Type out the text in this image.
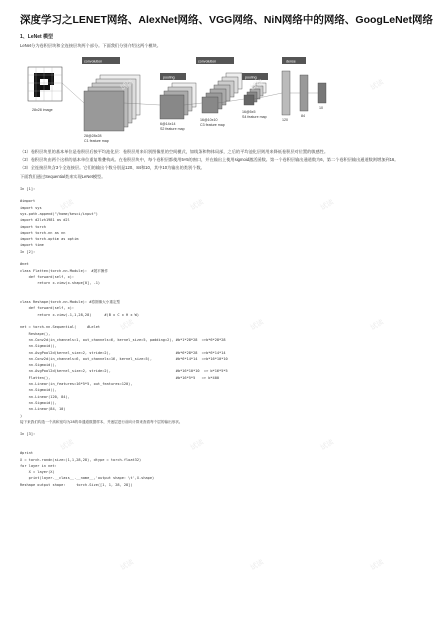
深度学习之LENET网络、AlexNet网络、VGG网络、NiN网络中的网络、GoogLeNet网络
1、LeNet 模型
LeNet分为卷积层块和全连接层块两个部分。下面我们分别介绍这两个模块。
28x28 image
convolution
28@28x28
C1 feature map
pooling
6@14x14
S2 feature map
convolution
16@10x10
C3 feature map
pooling
16@5x5
S4 feature map
120
84
10
dense
（1）卷积层块里的基本单位是卷积层后接平均池化层：卷积层用来识别图像里的空间模式，如线条和物体局部，之后的平均池化层则用来降低卷积层对位置的敏感性。
（2）卷积层块由两个这样的基本单位重复堆叠构成。在卷积层块中，每个卷积层都使用5×5的窗口，并在输出上使用sigmoid激活函数。第一个卷积层输出通道数为6，第二个卷积层输出通道数则增加到16。
（3）全连接层块含3个全连接层。它们的输出个数分别是120、84和10，其中10为输出的类别个数。
下面我们通过Sequential类来实现LeNet模型。
In [1]:

#import
import sys
sys.path.append("/home/kesci/input")
import d2lzh1981 as d2l
import torch
import torch.nn as nn
import torch.optim as optim
import time
In [2]:

#net
class Flatten(torch.nn.Module):  #展平操作
def forward(self, x):
return x.view(x.shape[0], -1)

class Reshape(torch.nn.Module): #将图像大小重定型
def forward(self, x):
return x.view(-1,1,28,28)      #(B x C x H x W)

net = torch.nn.Sequential(     #Lelet
Reshape(),
nn.Conv2d(in_channels=1, out_channels=6, kernel_size=5, padding=2), #b*1*28*28  =>b*6*28*28
nn.Sigmoid(),
nn.AvgPool2d(kernel_size=2, stride=2),                              #b*6*28*28  =>b*6*14*14
nn.Conv2d(in_channels=6, out_channels=16, kernel_size=5),           #b*6*14*14  =>b*16*10*10
nn.Sigmoid(),
nn.AvgPool2d(kernel_size=2, stride=2),                              #b*16*10*10  => b*16*5*5
Flatten(),                                                          #b*16*5*5   => b*400
nn.Linear(in_features=16*5*5, out_features=120),
nn.Sigmoid(),
nn.Linear(120, 84),
nn.Sigmoid(),
nn.Linear(84, 10)
)
接下来我们构造一个高和宽均为28的单通道数据样本，并逐层进行前向计算来查看每个层的输出形状。

In [3]:

#print
X = torch.randn(size=(1,1,28,28), dtype = torch.float32)
for layer in net:
X = layer(X)
print(layer.__class__.__name__,'output shape: \t',X.shape)
Reshape output shape:     torch.Size([1, 1, 28, 28])
试读	试读	试读
试读	试读	试读
试读	试读	试读
试读	试读	试读
试读	试读	试读
